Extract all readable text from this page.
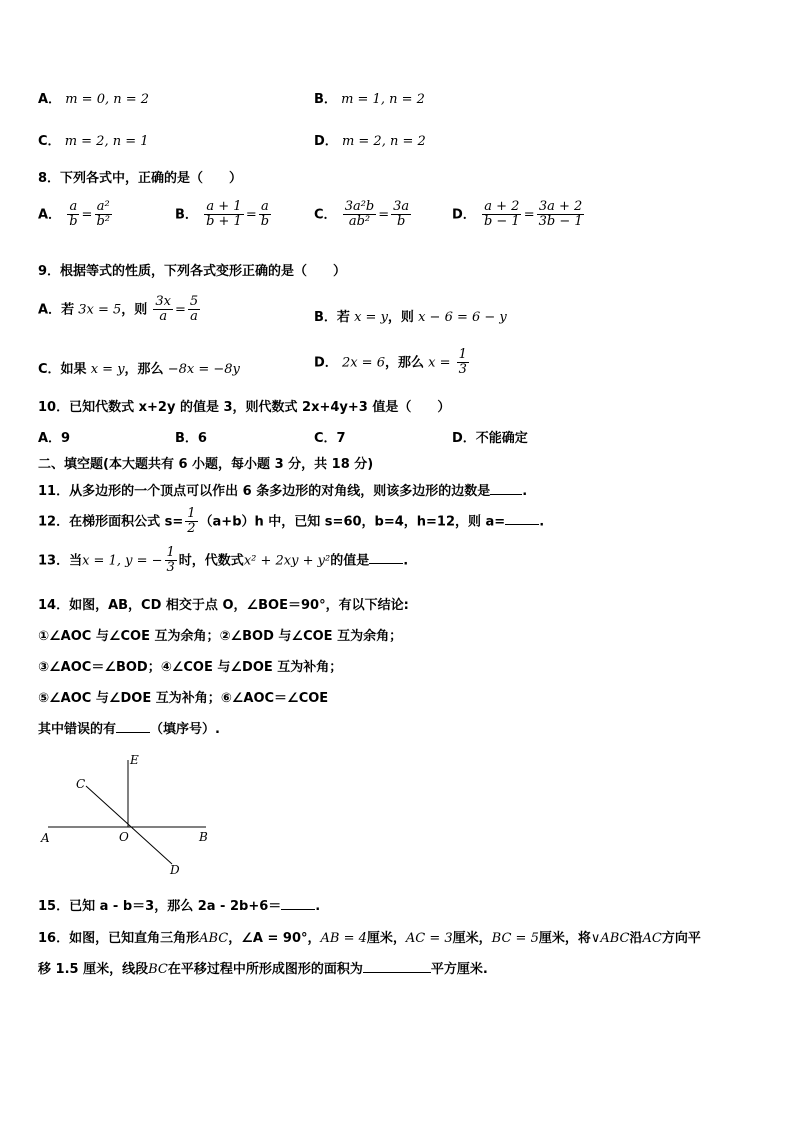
A． m = 0, n = 2	B． m = 1, n = 2
C． m = 2, n = 1	D． m = 2, n = 2
8．下列各式中，正确的是（　　）
A． $\frac{a}{b} = \frac{\text{a²}}{\text{b²}}$	B． $\frac{a + 1}{b + 1} = \frac{a}{b}$	C． $\frac{\text{3a²b}}{\text{ab²}} = \frac{3a}{b}$	D． $\frac{a + 2}{b - 1} = \frac{3a + 2}{3b - 1}$
9．根据等式的性质，下列各式变形正确的是（　　）
A．若 3x = 5，则 $\frac{3x}{a} = \frac{5}{a}$	B．若 x = y，则 x − 6 = 6 − y
C．如果 x = y，那么 −8x = −8y	D． 2x = 6，那么 $x = \frac{1}{3}$
10．已知代数式 x+2y 的值是 3，则代数式 2x+4y+3 值是（　　）
A．9	B．6	C．7	D．不能确定
二、填空题(本大题共有 6 小题，每小题 3 分，共 18 分)
11．从多边形的一个顶点可以作出 6 条多边形的对角线，则该多边形的边数是 .
12．在梯形面积公式 $s= \frac{1}{2} (a+b)h$ 中，已知 s=60，b=4，h=12，则 a=	.
13．当x = 1, y = − $\frac{1}{3}$ 时，代数式x² + 2xy + y²的值是	.
14．如图，AB，CD 相交于点 O，∠BOE＝90°，有以下结论:
①∠AOC 与∠COE 互为余角；②∠BOD 与∠COE 互为余角；
③∠AOC＝∠BOD；④∠COE 与∠DOE 互为补角；
⑤∠AOC 与∠DOE 互为补角；⑥∠AOC＝∠COE
其中错误的有	（填序号）.
E
C
A	O	B
D
15．已知 a - b＝3，那么 2a - 2b+6＝	.
16．如图，已知直角三角形ABC，∠A = 90°，AB = 4厘米，AC = 3厘米，BC = 5厘米，将∨ABC沿AC方向平
移 1.5 厘米，线段BC在平移过程中所形成图形的面积为	平方厘米.
